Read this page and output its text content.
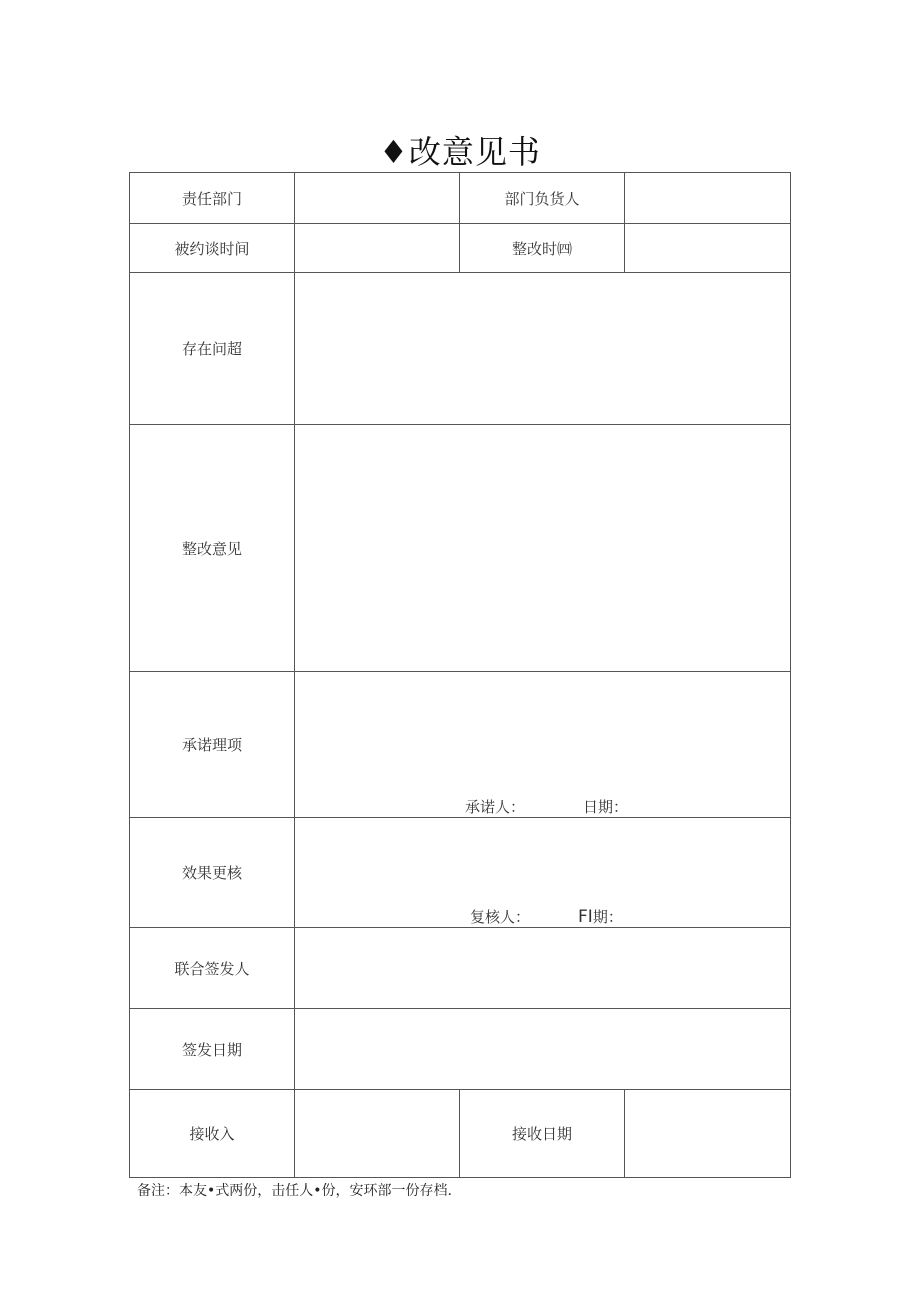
♦改意见书
责任部门		部门负货人	
被约谈时间		整改时㈣	
存在问超			
整改意见			
承诺理项	承诺人： 日期：		

效果更核	复核人： FI期：		

联合签发人			
签发日期			
接收入		接收日期	
备注：本友•式两份，击任人•份，安环部一份存档.
